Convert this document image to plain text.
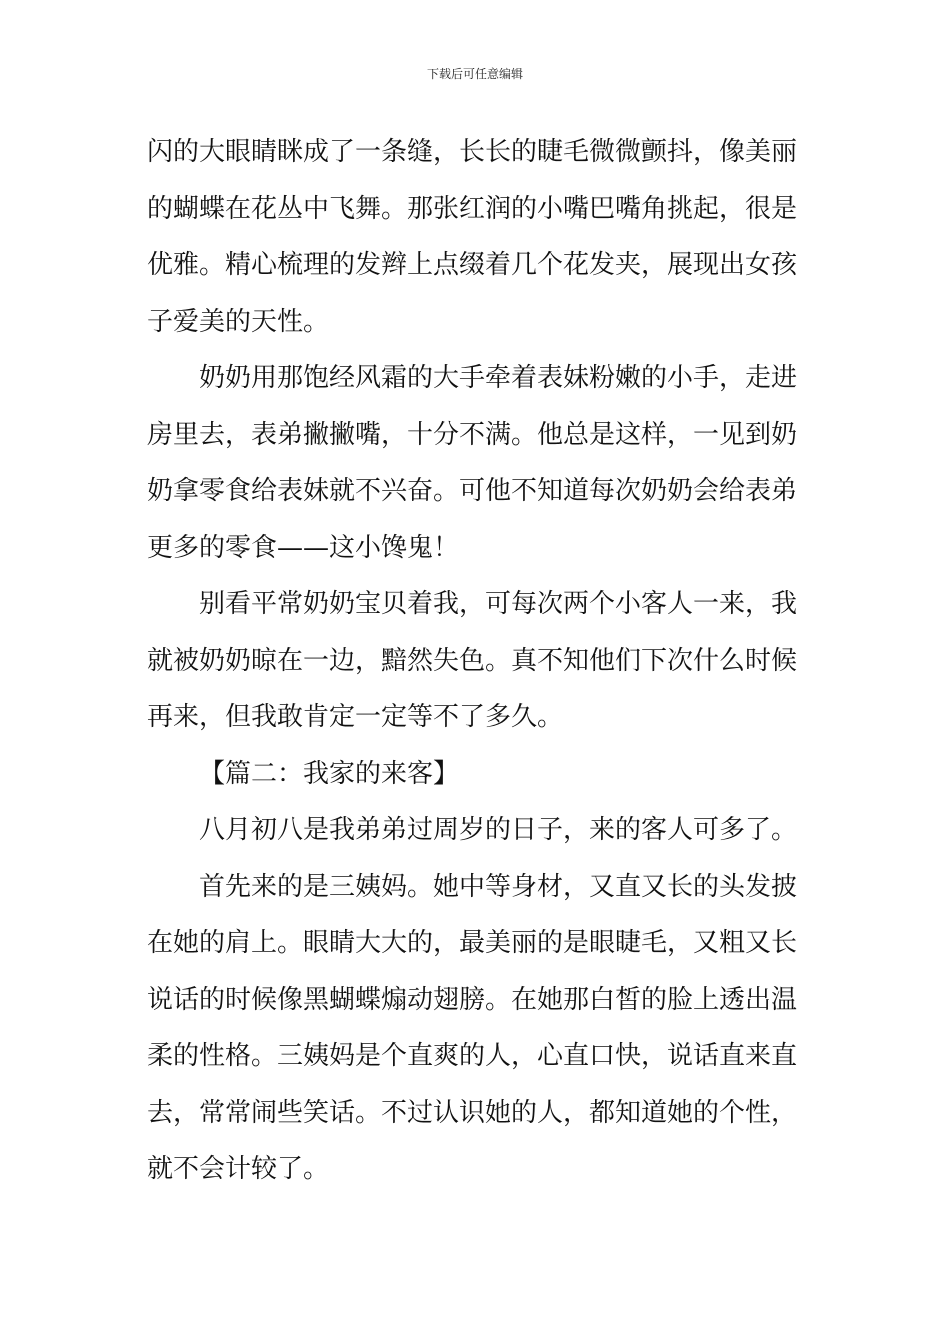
下载后可任意编辑
闪的大眼睛眯成了一条缝，长长的睫毛微微颤抖，像美丽
的蝴蝶在花丛中飞舞。那张红润的小嘴巴嘴角挑起，很是
优雅。精心梳理的发辫上点缀着几个花发夹，展现出女孩
子爱美的天性。
奶奶用那饱经风霜的大手牵着表妹粉嫩的小手，走进
房里去，表弟撇撇嘴，十分不满。他总是这样，一见到奶
奶拿零食给表妹就不兴奋。可他不知道每次奶奶会给表弟
更多的零食——这小馋鬼！
别看平常奶奶宝贝着我，可每次两个小客人一来，我
就被奶奶晾在一边，黯然失色。真不知他们下次什么时候
再来，但我敢肯定一定等不了多久。
【篇二：我家的来客】
八月初八是我弟弟过周岁的日子，来的客人可多了。
首先来的是三姨妈。她中等身材，又直又长的头发披
在她的肩上。眼睛大大的，最美丽的是眼睫毛，又粗又长
说话的时候像黑蝴蝶煽动翅膀。在她那白皙的脸上透出温
柔的性格。三姨妈是个直爽的人，心直口快，说话直来直
去，常常闹些笑话。不过认识她的人，都知道她的个性，
就不会计较了。
